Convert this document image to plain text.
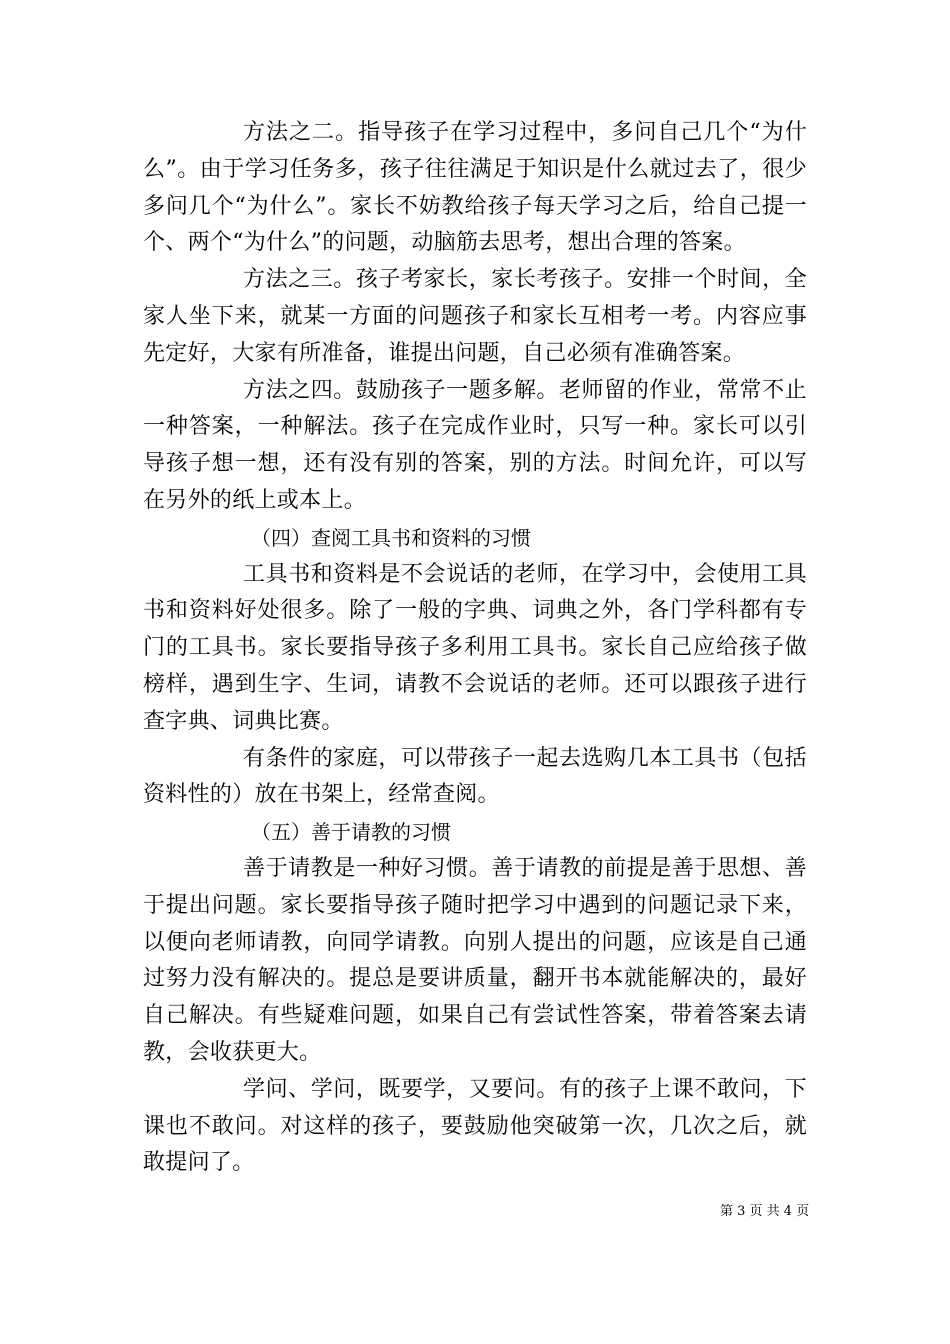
方法之二。指导孩子在学习过程中，多问自己几个“为什么”。由于学习任务多，孩子往往满足于知识是什么就过去了，很少多问几个“为什么”。家长不妨教给孩子每天学习之后，给自己提一个、两个“为什么”的问题，动脑筋去思考，想出合理的答案。

方法之三。孩子考家长，家长考孩子。安排一个时间，全家人坐下来，就某一方面的问题孩子和家长互相考一考。内容应事先定好，大家有所准备，谁提出问题，自己必须有准确答案。

方法之四。鼓励孩子一题多解。老师留的作业，常常不止一种答案，一种解法。孩子在完成作业时，只写一种。家长可以引导孩子想一想，还有没有别的答案，别的方法。时间允许，可以写在另外的纸上或本上。

（四）查阅工具书和资料的习惯

工具书和资料是不会说话的老师，在学习中，会使用工具书和资料好处很多。除了一般的字典、词典之外，各门学科都有专门的工具书。家长要指导孩子多利用工具书。家长自己应给孩子做榜样，遇到生字、生词，请教不会说话的老师。还可以跟孩子进行查字典、词典比赛。

有条件的家庭，可以带孩子一起去选购几本工具书（包括资料性的）放在书架上，经常查阅。

（五）善于请教的习惯

善于请教是一种好习惯。善于请教的前提是善于思想、善于提出问题。家长要指导孩子随时把学习中遇到的问题记录下来，以便向老师请教，向同学请教。向别人提出的问题，应该是自己通过努力没有解决的。提总是要讲质量，翻开书本就能解决的，最好自己解决。有些疑难问题，如果自己有尝试性答案，带着答案去请教，会收获更大。

学问、学问，既要学，又要问。有的孩子上课不敢问，下课也不敢问。对这样的孩子，要鼓励他突破第一次，几次之后，就敢提问了。

第 3 页 共 4 页
